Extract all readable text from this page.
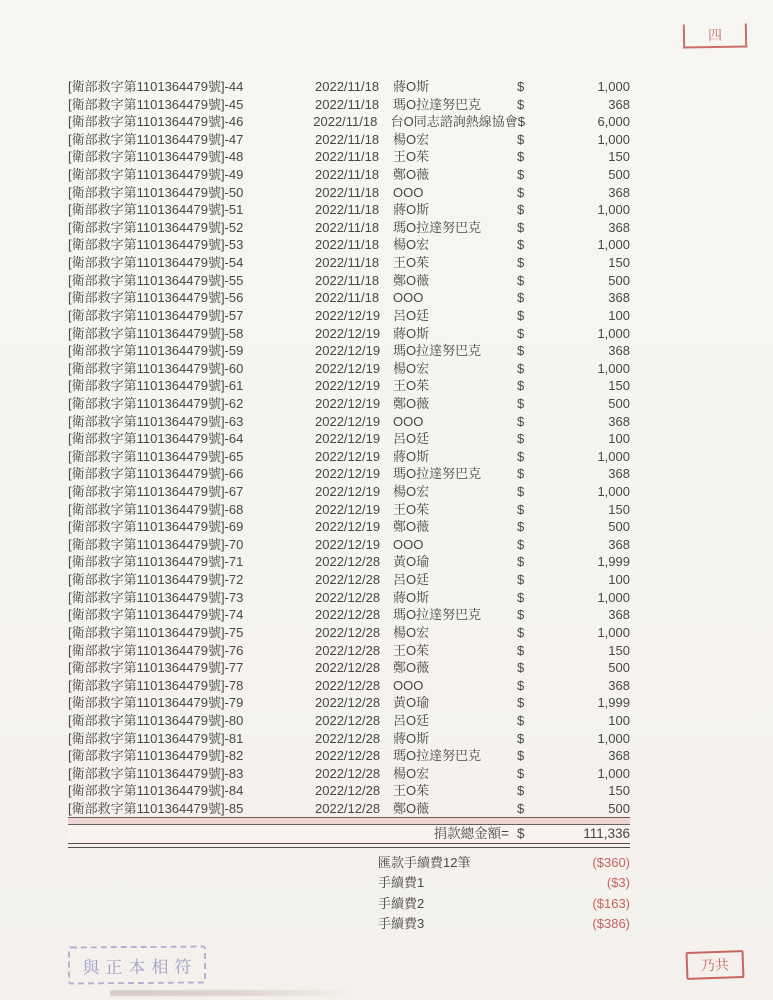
四
[衛部救字第1101364479號]-44	2022/11/18	蔣O斯	$	1,000
[衛部救字第1101364479號]-45	2022/11/18	瑪O拉達努巴克	$	368
[衛部救字第1101364479號]-46	2022/11/18	台O同志諮詢熱線協會 $	6,000
[衛部救字第1101364479號]-47	2022/11/18	楊O宏	$	1,000
[衛部救字第1101364479號]-48	2022/11/18	王O茱	$	150
[衛部救字第1101364479號]-49	2022/11/18	鄭O薇	$	500
[衛部救字第1101364479號]-50	2022/11/18	OOO	$	368
[衛部救字第1101364479號]-51	2022/11/18	蔣O斯	$	1,000
[衛部救字第1101364479號]-52	2022/11/18	瑪O拉達努巴克	$	368
[衛部救字第1101364479號]-53	2022/11/18	楊O宏	$	1,000
[衛部救字第1101364479號]-54	2022/11/18	王O茱	$	150
[衛部救字第1101364479號]-55	2022/11/18	鄭O薇	$	500
[衛部救字第1101364479號]-56	2022/11/18	OOO	$	368
[衛部救字第1101364479號]-57	2022/12/19 呂O廷	$	100
[衛部救字第1101364479號]-58	2022/12/19 蔣O斯	$	1,000
[衛部救字第1101364479號]-59	2022/12/19 瑪O拉達努巴克	$	368
[衛部救字第1101364479號]-60	2022/12/19 楊O宏	$	1,000
[衛部救字第1101364479號]-61	2022/12/19 王O茱	$	150
[衛部救字第1101364479號]-62	2022/12/19 鄭O薇	$	500
[衛部救字第1101364479號]-63	2022/12/19 OOO	$	368
[衛部救字第1101364479號]-64	2022/12/19 呂O廷	$	100
[衛部救字第1101364479號]-65	2022/12/19 蔣O斯	$	1,000
[衛部救字第1101364479號]-66	2022/12/19 瑪O拉達努巴克	$	368
[衛部救字第1101364479號]-67	2022/12/19 楊O宏	$	1,000
[衛部救字第1101364479號]-68	2022/12/19 王O茱	$	150
[衛部救字第1101364479號]-69	2022/12/19 鄭O薇	$	500
[衛部救字第1101364479號]-70	2022/12/19 OOO	$	368
[衛部救字第1101364479號]-71	2022/12/28 黃O瑜	$	1,999
[衛部救字第1101364479號]-72	2022/12/28 呂O廷	$	100
[衛部救字第1101364479號]-73	2022/12/28 蔣O斯	$	1,000
[衛部救字第1101364479號]-74	2022/12/28 瑪O拉達努巴克	$	368
[衛部救字第1101364479號]-75	2022/12/28 楊O宏	$	1,000
[衛部救字第1101364479號]-76	2022/12/28 王O茱	$	150
[衛部救字第1101364479號]-77	2022/12/28 鄭O薇	$	500
[衛部救字第1101364479號]-78	2022/12/28 OOO	$	368
[衛部救字第1101364479號]-79	2022/12/28 黃O瑜	$	1,999
[衛部救字第1101364479號]-80	2022/12/28 呂O廷	$	100
[衛部救字第1101364479號]-81	2022/12/28 蔣O斯	$	1,000
[衛部救字第1101364479號]-82	2022/12/28 瑪O拉達努巴克	$	368
[衛部救字第1101364479號]-83	2022/12/28 楊O宏	$	1,000
[衛部救字第1101364479號]-84	2022/12/28 王O茱	$	150
[衛部救字第1101364479號]-85	2022/12/28 鄭O薇	$	500
捐款總金額= $	111,336
匯款手續費12筆	($360)
手續費1	($3)
手續費2	($163)
手續費3	($386)
與正本相符	乃共
